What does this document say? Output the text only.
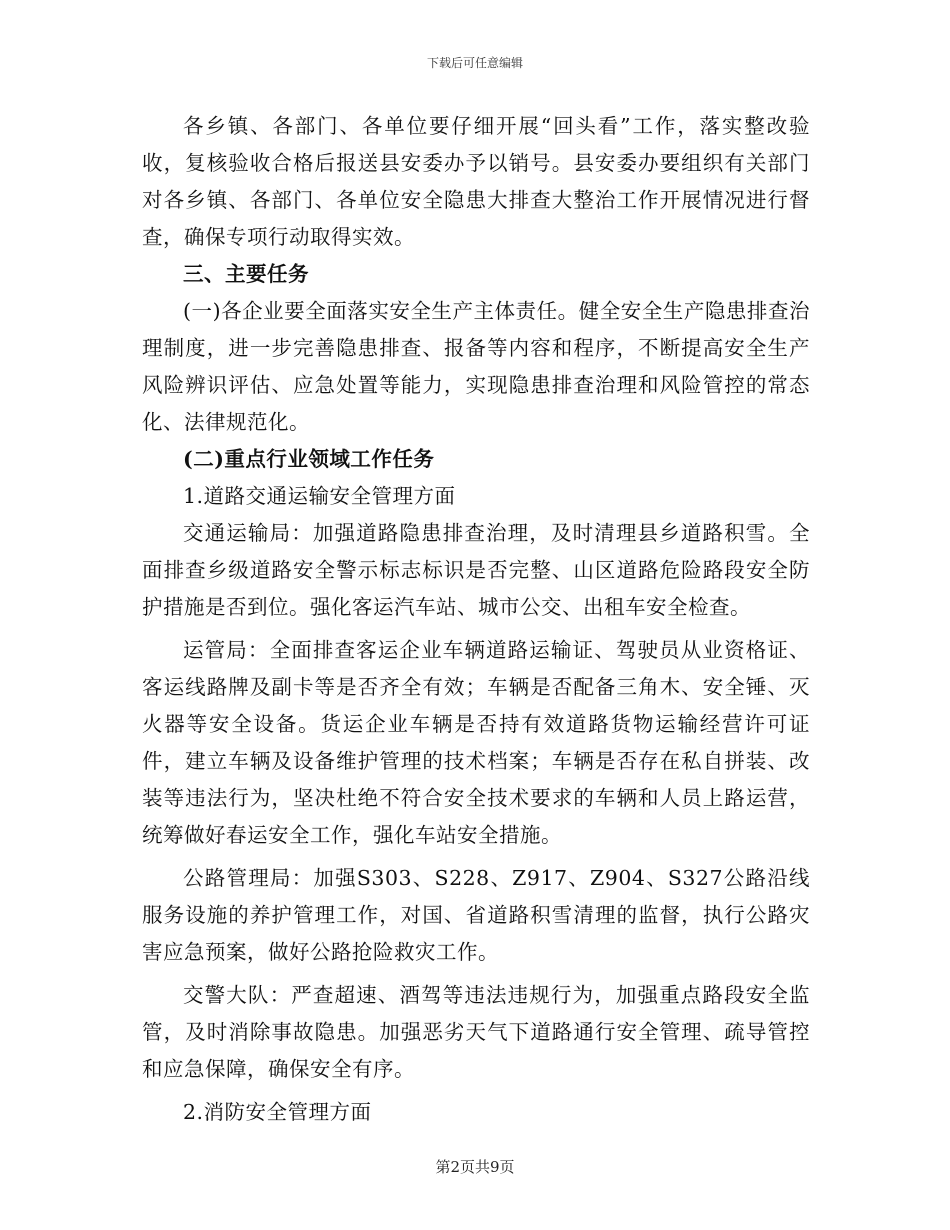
下载后可任意编辑

各乡镇、各部门、各单位要仔细开展“回头看”工作，落实整改验收，复核验收合格后报送县安委办予以销号。县安委办要组织有关部门对各乡镇、各部门、各单位安全隐患大排查大整治工作开展情况进行督查，确保专项行动取得实效。

三、主要任务

(一)各企业要全面落实安全生产主体责任。健全安全生产隐患排查治理制度，进一步完善隐患排查、报备等内容和程序，不断提高安全生产风险辨识评估、应急处置等能力，实现隐患排查治理和风险管控的常态化、法律规范化。

(二)重点行业领域工作任务

1.道路交通运输安全管理方面

交通运输局：加强道路隐患排查治理，及时清理县乡道路积雪。全面排查乡级道路安全警示标志标识是否完整、山区道路危险路段安全防护措施是否到位。强化客运汽车站、城市公交、出租车安全检查。

运管局：全面排查客运企业车辆道路运输证、驾驶员从业资格证、客运线路牌及副卡等是否齐全有效；车辆是否配备三角木、安全锤、灭火器等安全设备。货运企业车辆是否持有效道路货物运输经营许可证件，建立车辆及设备维护管理的技术档案；车辆是否存在私自拼装、改装等违法行为，坚决杜绝不符合安全技术要求的车辆和人员上路运营，统筹做好春运安全工作，强化车站安全措施。

公路管理局：加强S303、S228、Z917、Z904、S327公路沿线服务设施的养护管理工作，对国、省道路积雪清理的监督，执行公路灾害应急预案，做好公路抢险救灾工作。

交警大队：严查超速、酒驾等违法违规行为，加强重点路段安全监管，及时消除事故隐患。加强恶劣天气下道路通行安全管理、疏导管控和应急保障，确保安全有序。

2.消防安全管理方面

第2页共9页
